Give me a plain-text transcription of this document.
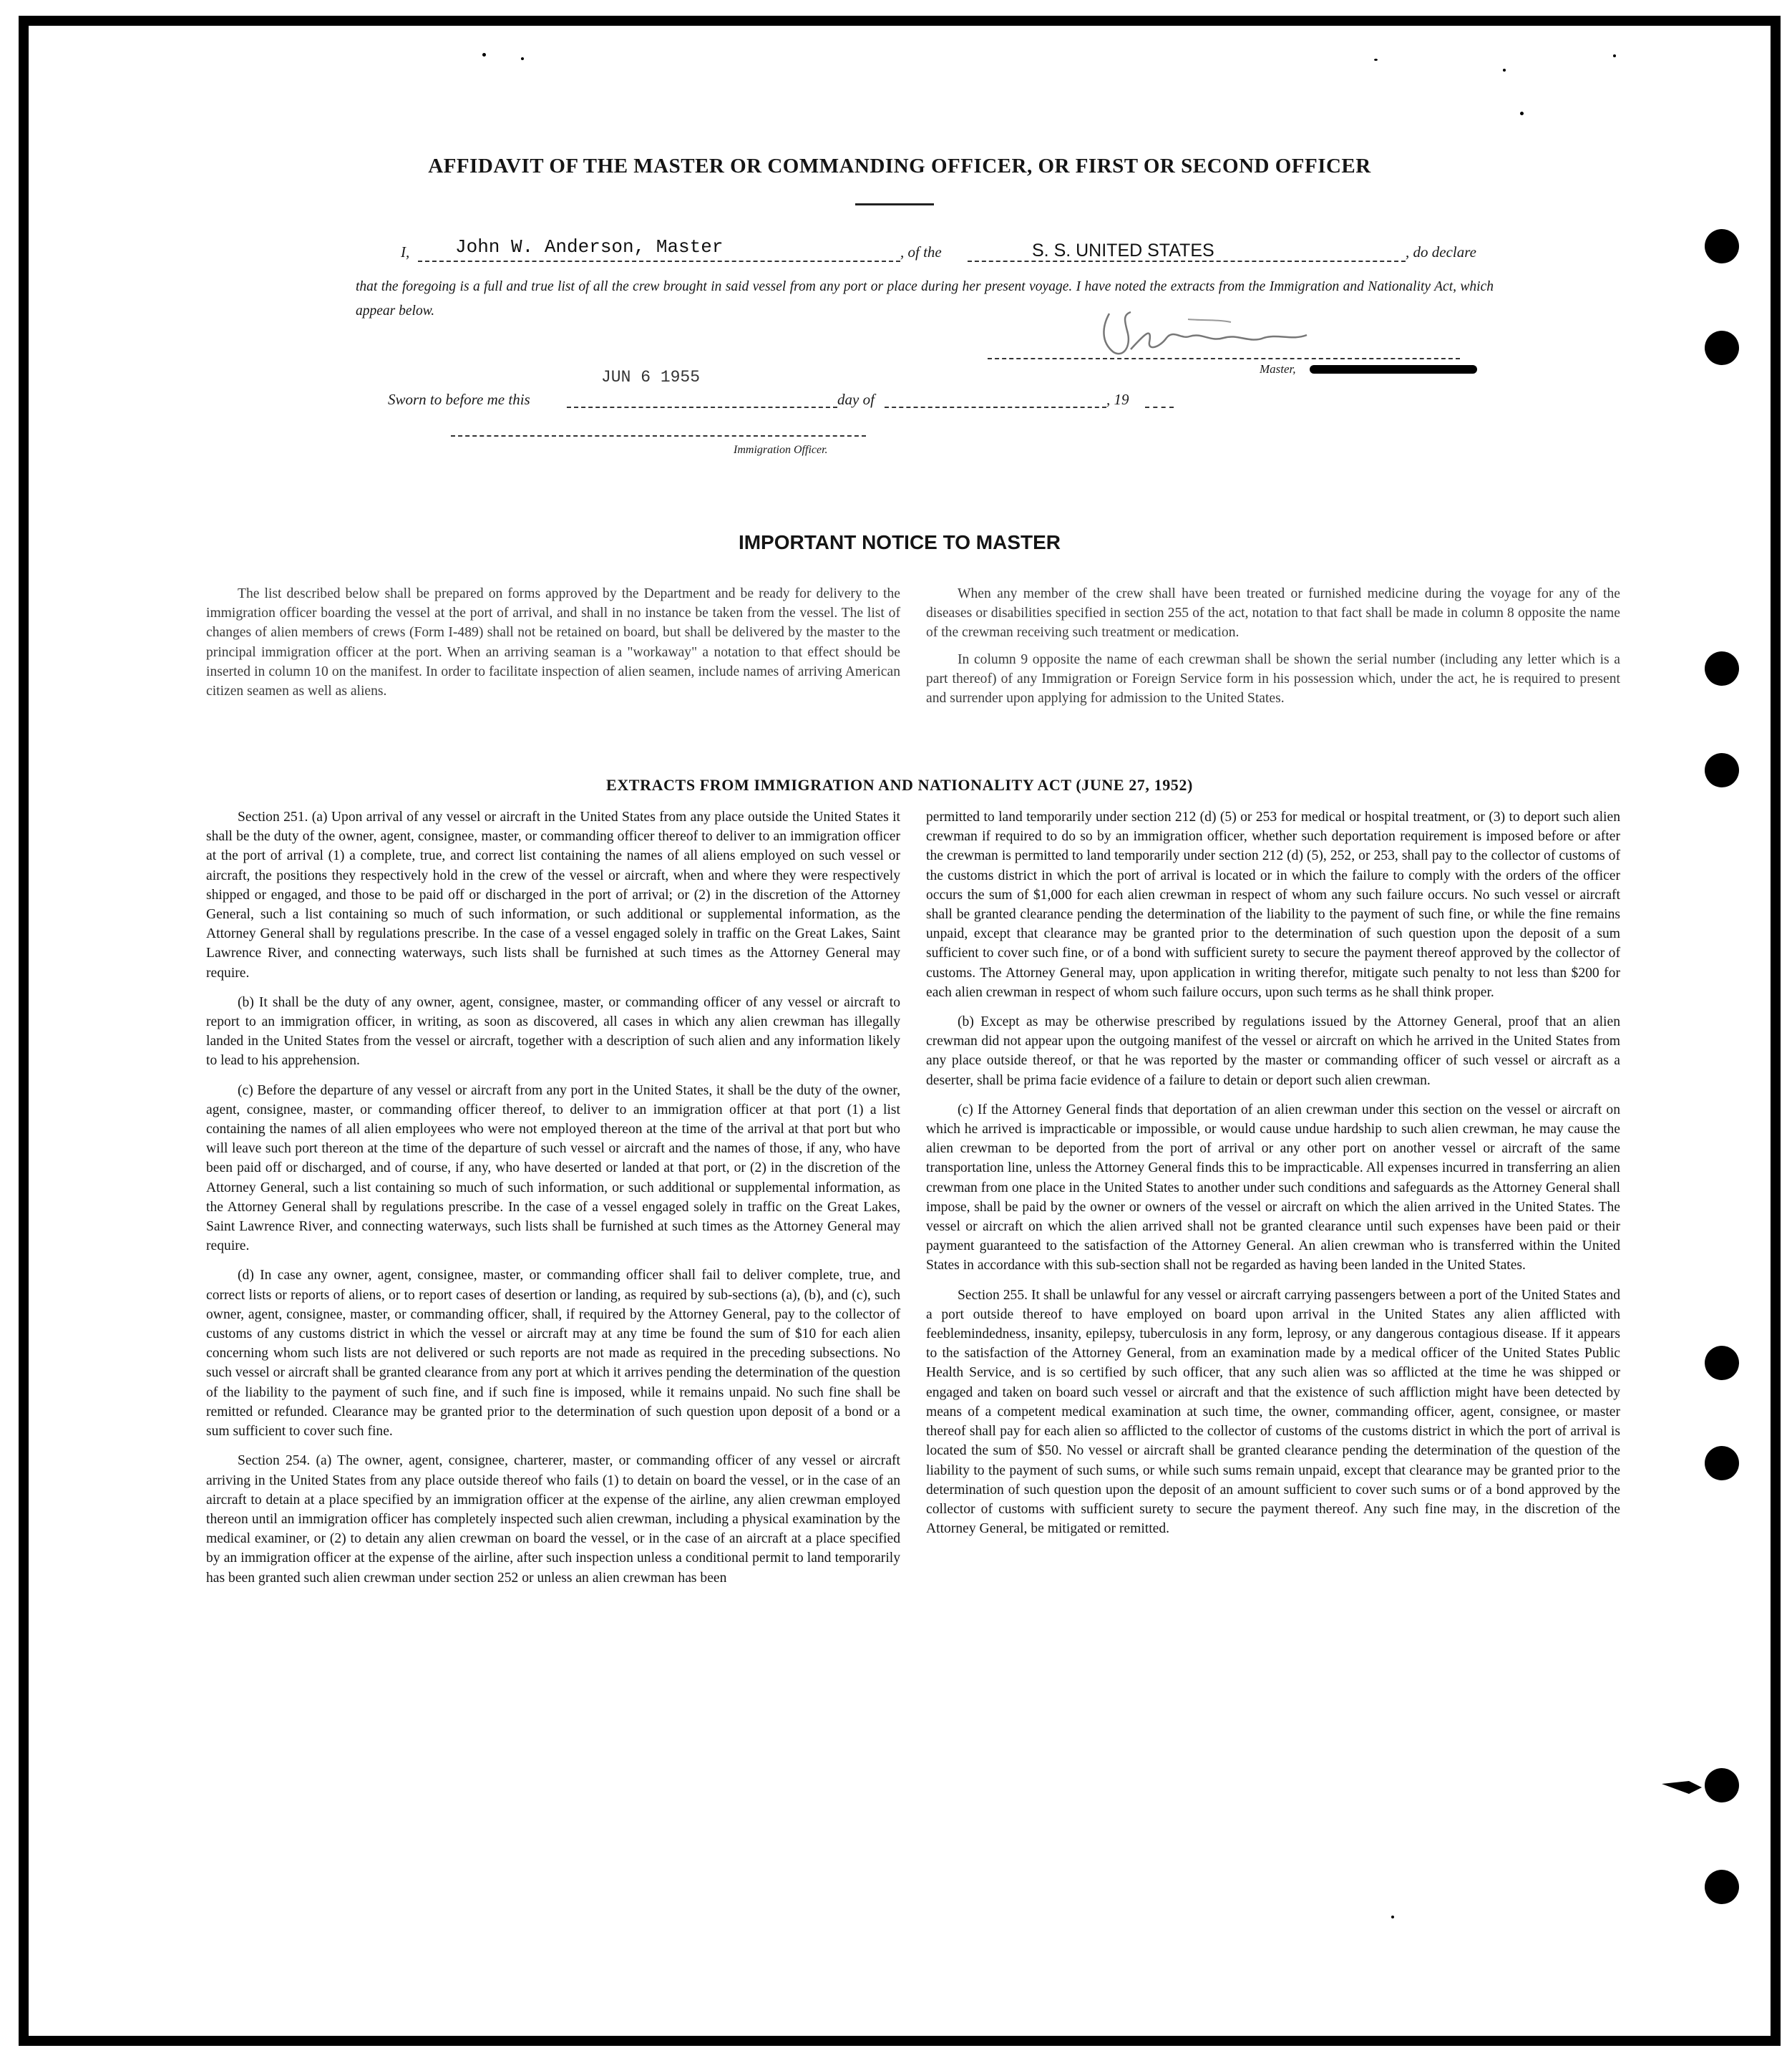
AFFIDAVIT OF THE MASTER OR COMMANDING OFFICER, OR FIRST OR SECOND OFFICER
I, John W. Anderson, Master	, of the	S. S. UNITED STATES	, do declare
that the foregoing is a full and true list of all the crew brought in said vessel from any port or place during her present voyage. I have noted the extracts from the Immigration and Nationality Act, which appear below.
Master,
Sworn to before me this
JUN 6 1955
day of	, 19
Immigration Officer.
IMPORTANT NOTICE TO MASTER

The list described below shall be prepared on forms approved by the Department and be ready for delivery to the immigration officer boarding the vessel at the port of arrival, and shall in no instance be taken from the vessel. The list of changes of alien members of crews (Form I-489) shall not be retained on board, but shall be delivered by the master to the principal immigration officer at the port. When an arriving seaman is a "workaway" a notation to that effect should be inserted in column 10 on the manifest. In order to facilitate inspection of alien seamen, include names of arriving American citizen seamen as well as aliens.

When any member of the crew shall have been treated or furnished medicine during the voyage for any of the diseases or disabilities specified in section 255 of the act, notation to that fact shall be made in column 8 opposite the name of the crewman receiving such treatment or medication.

In column 9 opposite the name of each crewman shall be shown the serial number (including any letter which is a part thereof) of any Immigration or Foreign Service form in his possession which, under the act, he is required to present and surrender upon applying for admission to the United States.

EXTRACTS FROM IMMIGRATION AND NATIONALITY ACT (JUNE 27, 1952)

Section 251. (a) Upon arrival of any vessel or aircraft in the United States from any place outside the United States it shall be the duty of the owner, agent, consignee, master, or commanding officer thereof to deliver to an immigration officer at the port of arrival (1) a complete, true, and correct list containing the names of all aliens employed on such vessel or aircraft, the positions they respectively hold in the crew of the vessel or aircraft, when and where they were respectively shipped or engaged, and those to be paid off or discharged in the port of arrival; or (2) in the discretion of the Attorney General, such a list containing so much of such information, or such additional or supplemental information, as the Attorney General shall by regulations prescribe. In the case of a vessel engaged solely in traffic on the Great Lakes, Saint Lawrence River, and connecting waterways, such lists shall be furnished at such times as the Attorney General may require.

(b) It shall be the duty of any owner, agent, consignee, master, or commanding officer of any vessel or aircraft to report to an immigration officer, in writing, as soon as discovered, all cases in which any alien crewman has illegally landed in the United States from the vessel or aircraft, together with a description of such alien and any information likely to lead to his apprehension.

(c) Before the departure of any vessel or aircraft from any port in the United States, it shall be the duty of the owner, agent, consignee, master, or commanding officer thereof, to deliver to an immigration officer at that port (1) a list containing the names of all alien employees who were not employed thereon at the time of the arrival at that port but who will leave such port thereon at the time of the departure of such vessel or aircraft and the names of those, if any, who have been paid off or discharged, and of course, if any, who have deserted or landed at that port, or (2) in the discretion of the Attorney General, such a list containing so much of such information, or such additional or supplemental information, as the Attorney General shall by regulations prescribe. In the case of a vessel engaged solely in traffic on the Great Lakes, Saint Lawrence River, and connecting waterways, such lists shall be furnished at such times as the Attorney General may require.

(d) In case any owner, agent, consignee, master, or commanding officer shall fail to deliver complete, true, and correct lists or reports of aliens, or to report cases of desertion or landing, as required by sub-sections (a), (b), and (c), such owner, agent, consignee, master, or commanding officer, shall, if required by the Attorney General, pay to the collector of customs of any customs district in which the vessel or aircraft may at any time be found the sum of $10 for each alien concerning whom such lists are not delivered or such reports are not made as required in the preceding subsections. No such vessel or aircraft shall be granted clearance from any port at which it arrives pending the determination of the question of the liability to the payment of such fine, and if such fine is imposed, while it remains unpaid. No such fine shall be remitted or refunded. Clearance may be granted prior to the determination of such question upon deposit of a bond or a sum sufficient to cover such fine.

Section 254. (a) The owner, agent, consignee, charterer, master, or commanding officer of any vessel or aircraft arriving in the United States from any place outside thereof who fails (1) to detain on board the vessel, or in the case of an aircraft to detain at a place specified by an immigration officer at the expense of the airline, any alien crewman employed thereon until an immigration officer has completely inspected such alien crewman, including a physical examination by the medical examiner, or (2) to detain any alien crewman on board the vessel, or in the case of an aircraft at a place specified by an immigration officer at the expense of the airline, after such inspection unless a conditional permit to land temporarily has been granted such alien crewman under section 252 or unless an alien crewman has been

permitted to land temporarily under section 212 (d) (5) or 253 for medical or hospital treatment, or (3) to deport such alien crewman if required to do so by an immigration officer, whether such deportation requirement is imposed before or after the crewman is permitted to land temporarily under section 212 (d) (5), 252, or 253, shall pay to the collector of customs of the customs district in which the port of arrival is located or in which the failure to comply with the orders of the officer occurs the sum of $1,000 for each alien crewman in respect of whom any such failure occurs. No such vessel or aircraft shall be granted clearance pending the determination of the liability to the payment of such fine, or while the fine remains unpaid, except that clearance may be granted prior to the determination of such question upon the deposit of a sum sufficient to cover such fine, or of a bond with sufficient surety to secure the payment thereof approved by the collector of customs. The Attorney General may, upon application in writing therefor, mitigate such penalty to not less than $200 for each alien crewman in respect of whom such failure occurs, upon such terms as he shall think proper.

(b) Except as may be otherwise prescribed by regulations issued by the Attorney General, proof that an alien crewman did not appear upon the outgoing manifest of the vessel or aircraft on which he arrived in the United States from any place outside thereof, or that he was reported by the master or commanding officer of such vessel or aircraft as a deserter, shall be prima facie evidence of a failure to detain or deport such alien crewman.

(c) If the Attorney General finds that deportation of an alien crewman under this section on the vessel or aircraft on which he arrived is impracticable or impossible, or would cause undue hardship to such alien crewman, he may cause the alien crewman to be deported from the port of arrival or any other port on another vessel or aircraft of the same transportation line, unless the Attorney General finds this to be impracticable. All expenses incurred in transferring an alien crewman from one place in the United States to another under such conditions and safeguards as the Attorney General shall impose, shall be paid by the owner or owners of the vessel or aircraft on which the alien arrived in the United States. The vessel or aircraft on which the alien arrived shall not be granted clearance until such expenses have been paid or their payment guaranteed to the satisfaction of the Attorney General. An alien crewman who is transferred within the United States in accordance with this sub-section shall not be regarded as having been landed in the United States.

Section 255. It shall be unlawful for any vessel or aircraft carrying passengers between a port of the United States and a port outside thereof to have employed on board upon arrival in the United States any alien afflicted with feeblemindedness, insanity, epilepsy, tuberculosis in any form, leprosy, or any dangerous contagious disease. If it appears to the satisfaction of the Attorney General, from an examination made by a medical officer of the United States Public Health Service, and is so certified by such officer, that any such alien was so afflicted at the time he was shipped or engaged and taken on board such vessel or aircraft and that the existence of such affliction might have been detected by means of a competent medical examination at such time, the owner, commanding officer, agent, consignee, or master thereof shall pay for each alien so afflicted to the collector of customs of the customs district in which the port of arrival is located the sum of $50. No vessel or aircraft shall be granted clearance pending the determination of the question of the liability to the payment of such sums, or while such sums remain unpaid, except that clearance may be granted prior to the determination of such question upon the deposit of an amount sufficient to cover such sums or of a bond approved by the collector of customs with sufficient surety to secure the payment thereof. Any such fine may, in the discretion of the Attorney General, be mitigated or remitted.
